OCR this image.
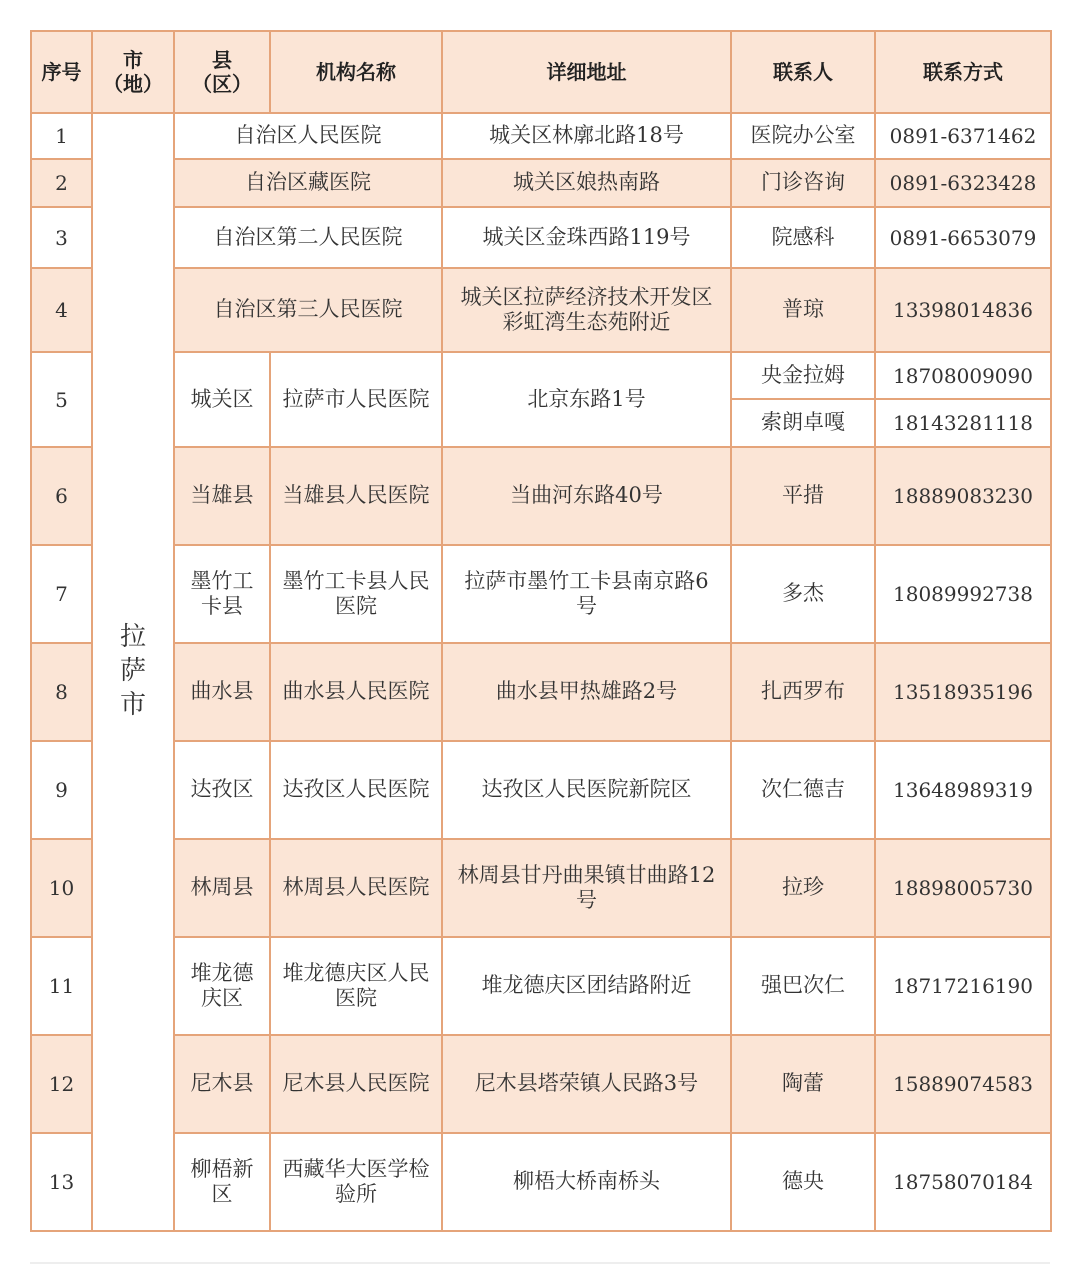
序号	市
（地）	县
（区）	机构名称	详细地址	联系人	联系方式
1	拉
萨
市	自治区人民医院		城关区林廓北路18号	医院办公室	0891-6371462
2		自治区藏医院		城关区娘热南路	门诊咨询	0891-6323428
3		自治区第二人民医院		城关区金珠西路119号	院感科	0891-6653079
4		自治区第三人民医院		城关区拉萨经济技术开发区
彩虹湾生态苑附近	普琼	13398014836
5		城关区	拉萨市人民医院	北京东路1号	央金拉姆	18708009090
					索朗卓嘎	18143281118
6		当雄县	当雄县人民医院	当曲河东路40号	平措	18889083230
7		墨竹工
卡县	墨竹工卡县人民
医院	拉萨市墨竹工卡县南京路6
号	多杰	18089992738
8		曲水县	曲水县人民医院	曲水县甲热雄路2号	扎西罗布	13518935196
9		达孜区	达孜区人民医院	达孜区人民医院新院区	次仁德吉	13648989319
10		林周县	林周县人民医院	林周县甘丹曲果镇甘曲路12
号	拉珍	18898005730
11		堆龙德
庆区	堆龙德庆区人民
医院	堆龙德庆区团结路附近	强巴次仁	18717216190
12		尼木县	尼木县人民医院	尼木县塔荣镇人民路3号	陶蕾	15889074583
13		柳梧新
区	西藏华大医学检
验所	柳梧大桥南桥头	德央	18758070184
